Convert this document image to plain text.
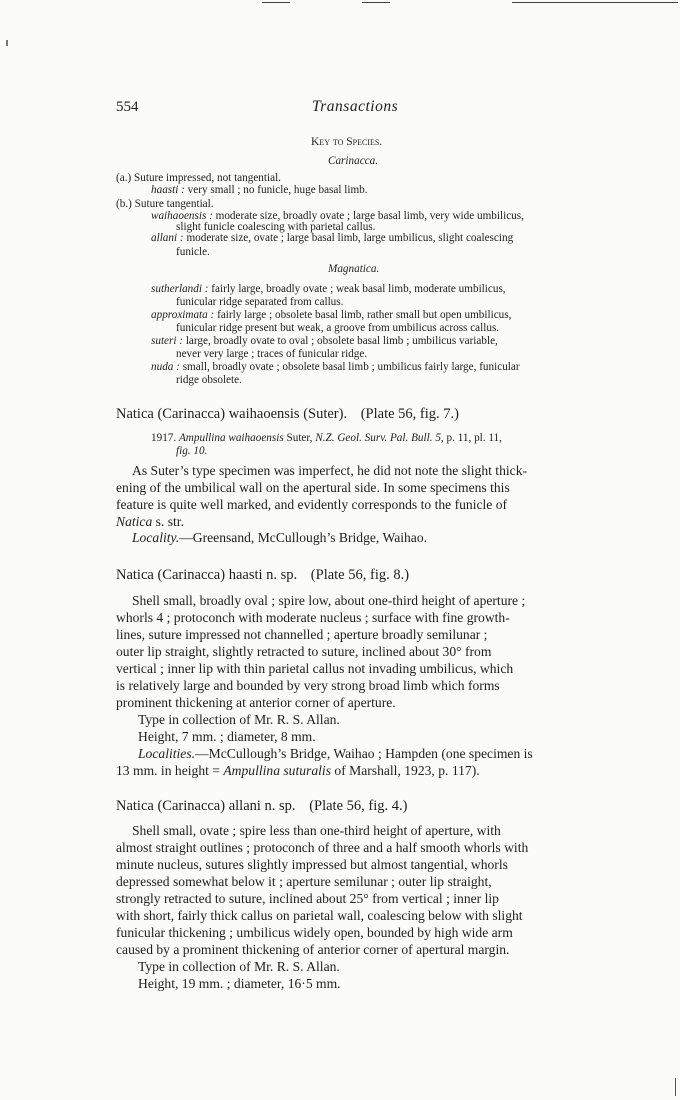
554	Transactions
Key to Species.
Carinacca.
(a.) Suture impressed, not tangential.
haasti : very small ; no funicle, huge basal limb.
(b.) Suture tangential.
waihaoensis : moderate size, broadly ovate ; large basal limb, very wide umbilicus,
slight funicle coalescing with parietal callus.
allani : moderate size, ovate ; large basal limb, large umbilicus, slight coalescing
funicle.
Magnatica.
sutherlandi : fairly large, broadly ovate ; weak basal limb, moderate umbilicus,
funicular ridge separated from callus.
approximata : fairly large ; obsolete basal limb, rather small but open umbilicus,
funicular ridge present but weak, a groove from umbilicus across callus.
suteri : large, broadly ovate to oval ; obsolete basal limb ; umbilicus variable,
never very large ; traces of funicular ridge.
nuda : small, broadly ovate ; obsolete basal limb ; umbilicus fairly large, funicular
ridge obsolete.
Natica (Carinacca) waihaoensis (Suter). (Plate 56, fig. 7.)
1917. Ampullina waihaoensis Suter, N.Z. Geol. Surv. Pal. Bull. 5, p. 11, pl. 11,
fig. 10.
As Suter’s type specimen was imperfect, he did not note the slight thick-
ening of the umbilical wall on the apertural side. In some specimens this
feature is quite well marked, and evidently corresponds to the funicle of
Natica s. str.
Locality.—Greensand, McCullough’s Bridge, Waihao.
Natica (Carinacca) haasti n. sp. (Plate 56, fig. 8.)
Shell small, broadly oval ; spire low, about one-third height of aperture ;
whorls 4 ; protoconch with moderate nucleus ; surface with fine growth-
lines, suture impressed not channelled ; aperture broadly semilunar ;
outer lip straight, slightly retracted to suture, inclined about 30° from
vertical ; inner lip with thin parietal callus not invading umbilicus, which
is relatively large and bounded by very strong broad limb which forms
prominent thickening at anterior corner of aperture.
Type in collection of Mr. R. S. Allan.
Height, 7 mm. ; diameter, 8 mm.
Localities.—McCullough’s Bridge, Waihao ; Hampden (one specimen is
13 mm. in height = Ampullina suturalis of Marshall, 1923, p. 117).
Natica (Carinacca) allani n. sp. (Plate 56, fig. 4.)
Shell small, ovate ; spire less than one-third height of aperture, with
almost straight outlines ; protoconch of three and a half smooth whorls with
minute nucleus, sutures slightly impressed but almost tangential, whorls
depressed somewhat below it ; aperture semilunar ; outer lip straight,
strongly retracted to suture, inclined about 25° from vertical ; inner lip
with short, fairly thick callus on parietal wall, coalescing below with slight
funicular thickening ; umbilicus widely open, bounded by high wide arm
caused by a prominent thickening of anterior corner of apertural margin.
Type in collection of Mr. R. S. Allan.
Height, 19 mm. ; diameter, 16·5 mm.
